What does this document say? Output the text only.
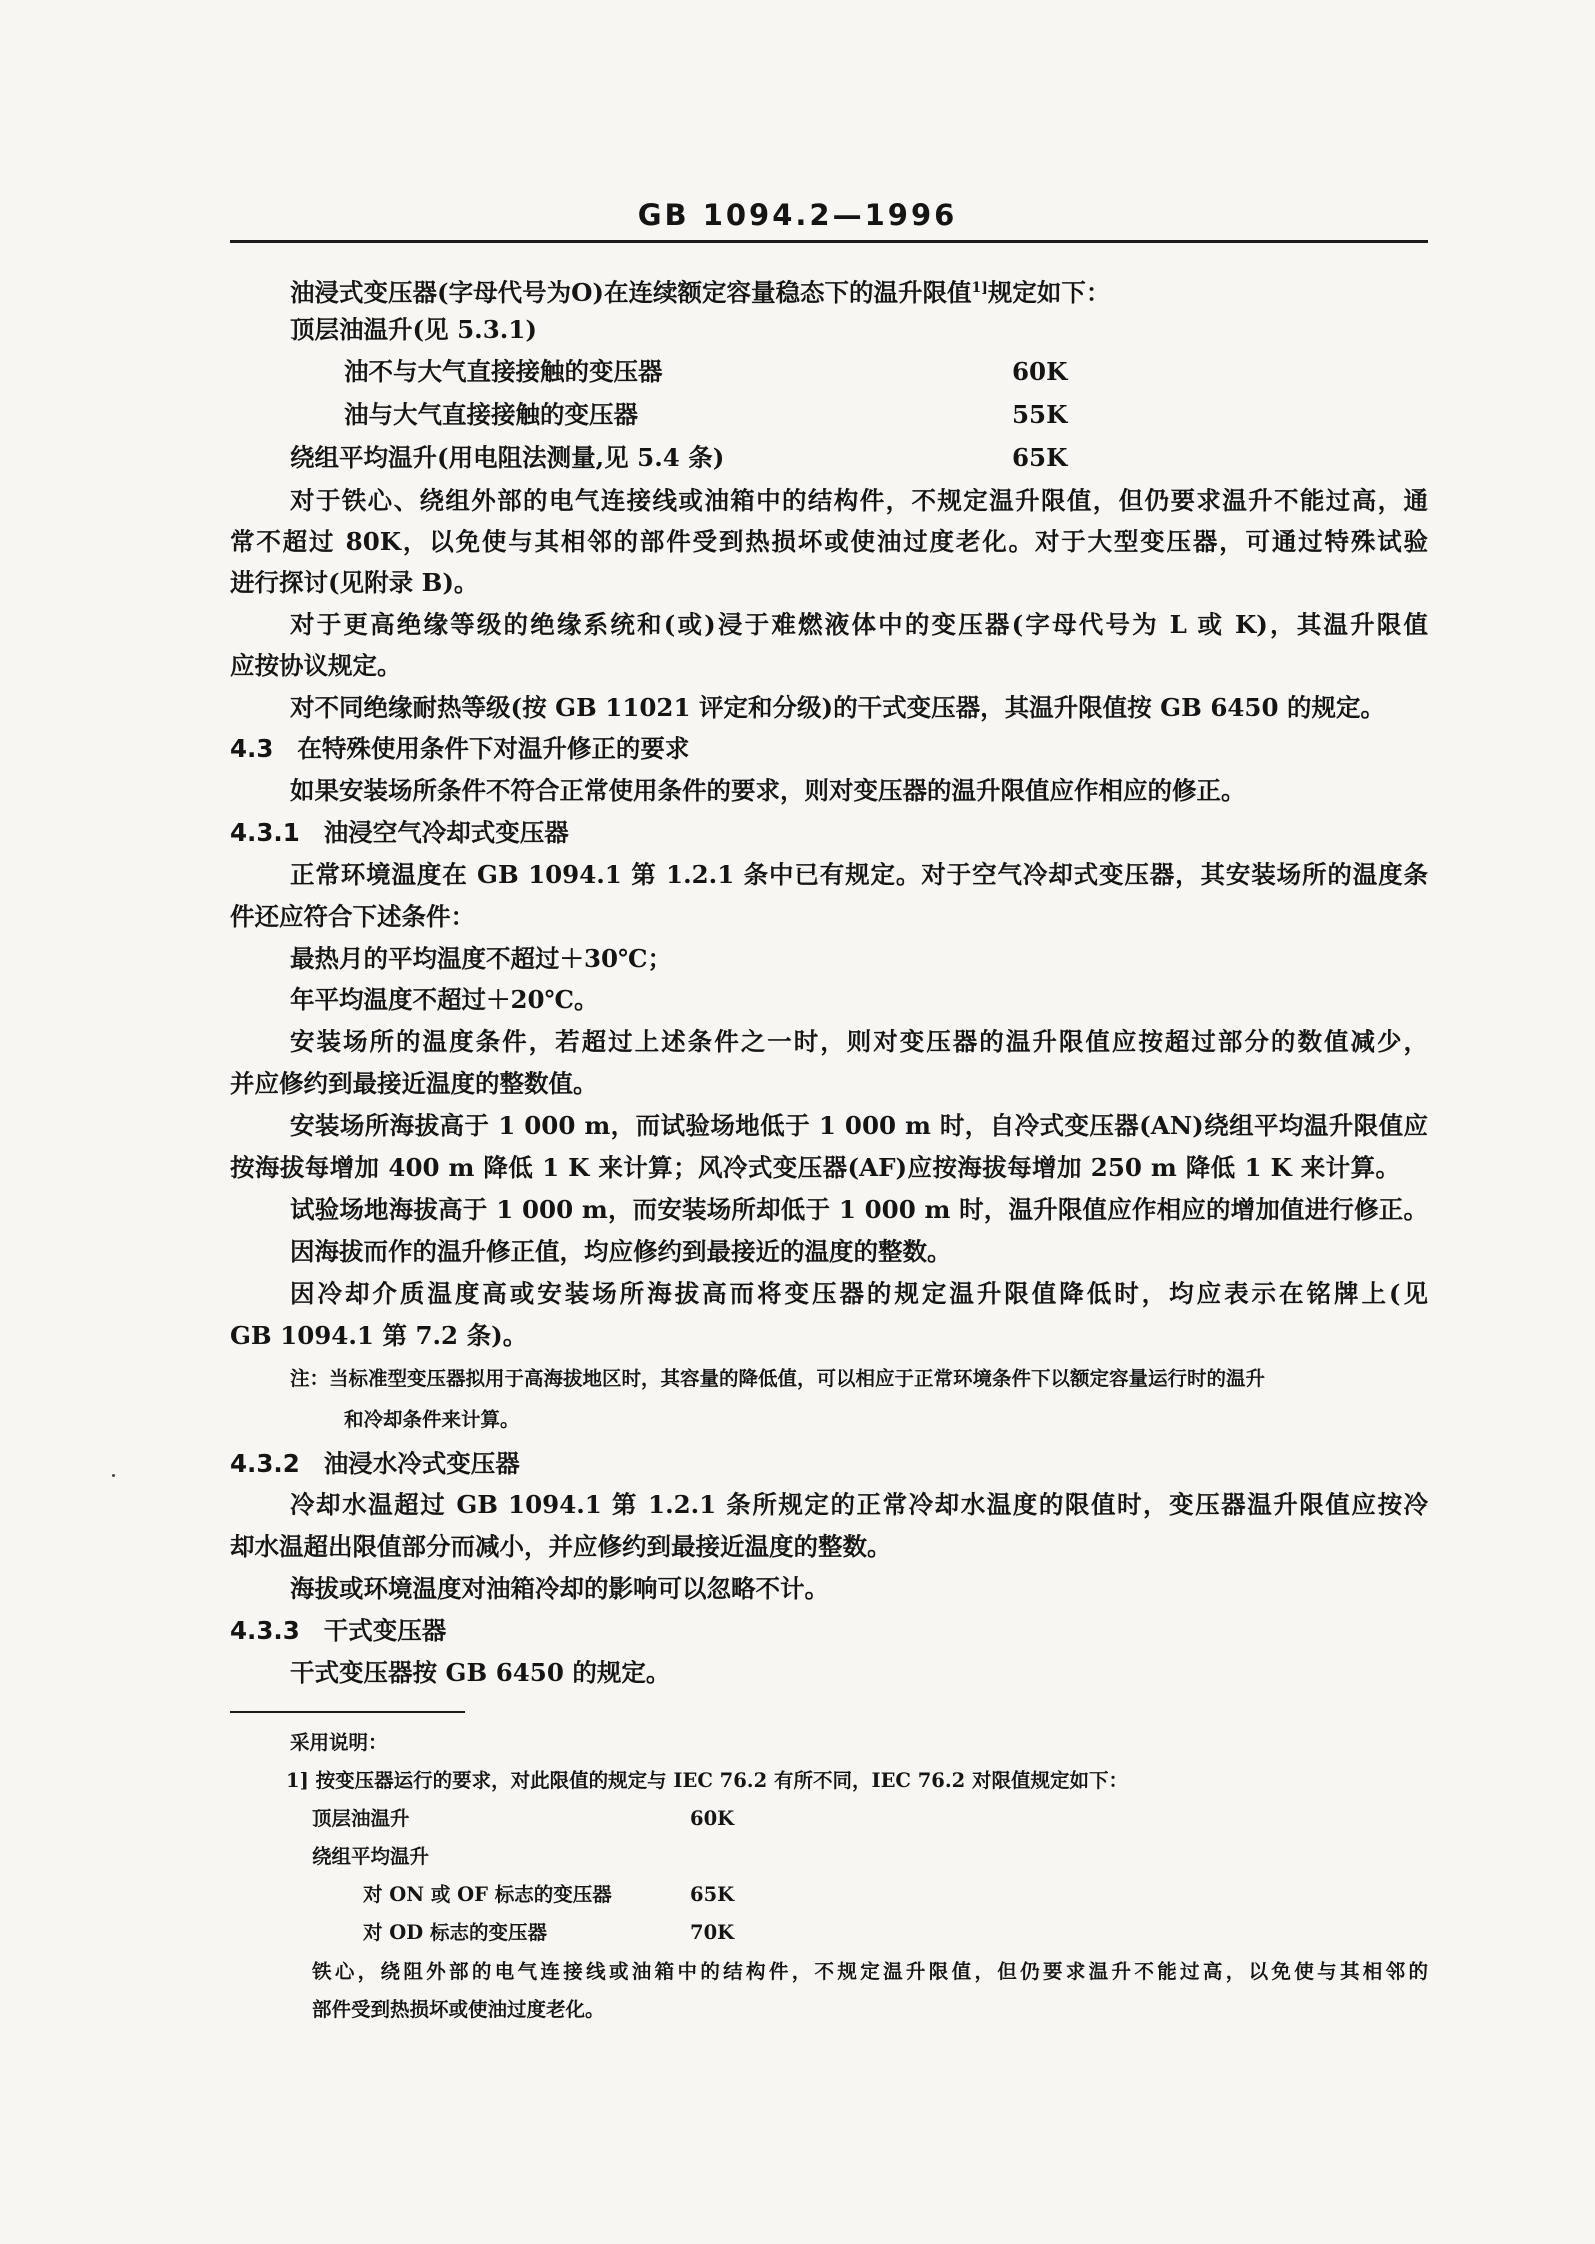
GB 1094.2—1996
油浸式变压器(字母代号为O)在连续额定容量稳态下的温升限值$^{1]}$规定如下：
顶层油温升(见 5.3.1)
油不与大气直接接触的变压器	60K
油与大气直接接触的变压器	55K
绕组平均温升(用电阻法测量,见 5.4 条)	65K
对于铁心、绕组外部的电气连接线或油箱中的结构件，不规定温升限值，但仍要求温升不能过高，通
常不超过 80K，以免使与其相邻的部件受到热损坏或使油过度老化。对于大型变压器，可通过特殊试验
进行探讨(见附录 B)。
对于更高绝缘等级的绝缘系统和(或)浸于难燃液体中的变压器(字母代号为 L 或 K)，其温升限值
应按协议规定。
对不同绝缘耐热等级(按 GB 11021 评定和分级)的干式变压器，其温升限值按 GB 6450 的规定。
4.3 在特殊使用条件下对温升修正的要求
如果安装场所条件不符合正常使用条件的要求，则对变压器的温升限值应作相应的修正。
4.3.1 油浸空气冷却式变压器
正常环境温度在 GB 1094.1 第 1.2.1 条中已有规定。对于空气冷却式变压器，其安装场所的温度条
件还应符合下述条件：
最热月的平均温度不超过＋30℃；
年平均温度不超过＋20℃。
安装场所的温度条件，若超过上述条件之一时，则对变压器的温升限值应按超过部分的数值减少，
并应修约到最接近温度的整数值。
安装场所海拔高于 1 000 m，而试验场地低于 1 000 m 时，自冷式变压器(AN)绕组平均温升限值应
按海拔每增加 400 m 降低 1 K 来计算；风冷式变压器(AF)应按海拔每增加 250 m 降低 1 K 来计算。
试验场地海拔高于 1 000 m，而安装场所却低于 1 000 m 时，温升限值应作相应的增加值进行修正。
因海拔而作的温升修正值，均应修约到最接近的温度的整数。
因冷却介质温度高或安装场所海拔高而将变压器的规定温升限值降低时，均应表示在铭牌上(见
GB 1094.1 第 7.2 条)。
注：当标准型变压器拟用于高海拔地区时，其容量的降低值，可以相应于正常环境条件下以额定容量运行时的温升
和冷却条件来计算。
4.3.2 油浸水冷式变压器
冷却水温超过 GB 1094.1 第 1.2.1 条所规定的正常冷却水温度的限值时，变压器温升限值应按冷
却水温超出限值部分而减小，并应修约到最接近温度的整数。
海拔或环境温度对油箱冷却的影响可以忽略不计。
4.3.3 干式变压器
干式变压器按 GB 6450 的规定。
采用说明：
1] 按变压器运行的要求，对此限值的规定与 IEC 76.2 有所不同，IEC 76.2 对限值规定如下：
顶层油温升	60K
绕组平均温升
对 ON 或 OF 标志的变压器	65K
对 OD 标志的变压器	70K
铁心，绕阻外部的电气连接线或油箱中的结构件，不规定温升限值，但仍要求温升不能过高，以免使与其相邻的
部件受到热损坏或使油过度老化。
